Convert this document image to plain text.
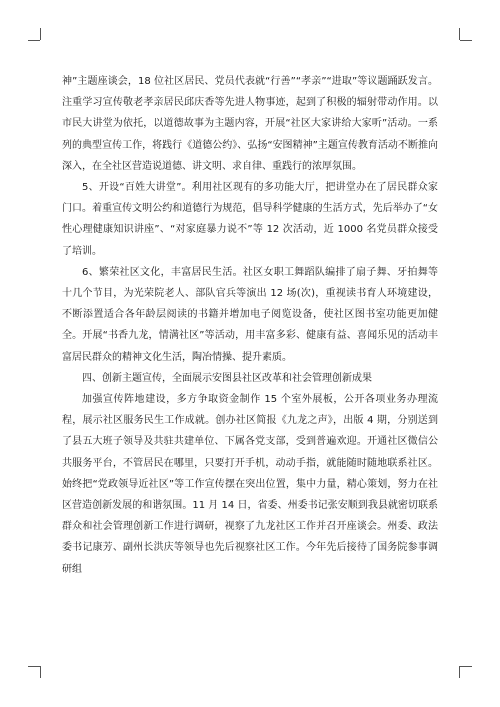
神”主题座谈会，18 位社区居民、党员代表就“行善”“孝亲”“进取”等议题踊跃发言。注重学习宣传敬老孝亲居民邱庆香等先进人物事迹，起到了积极的辐射带动作用。以市民大讲堂为依托，以道德故事为主题内容，开展“社区大家讲给大家听”活动。一系列的典型宣传工作，将践行《道德公约》、弘扬“安图精神”主题宣传教育活动不断推向深入，在全社区营造说道德、讲文明、求自律、重践行的浓厚氛围。

5、开设“百姓大讲堂”。利用社区现有的多功能大厅，把讲堂办在了居民群众家门口。着重宣传文明公约和道德行为规范，倡导科学健康的生活方式，先后举办了“女性心理健康知识讲座”、“对家庭暴力说不”等 12 次活动，近 1000 名党员群众接受了培训。

6、繁荣社区文化，丰富居民生活。社区女职工舞蹈队编排了扇子舞、牙拍舞等十几个节目，为光荣院老人、部队官兵等演出 12 场(次)，重视读书育人环境建设，不断添置适合各年龄层阅读的书籍并增加电子阅览设备，使社区图书室功能更加健全。开展“书香九龙，情满社区”等活动，用丰富多彩、健康有益、喜闻乐见的活动丰富居民群众的精神文化生活，陶冶情操、提升素质。

四、创新主题宣传，全面展示安图县社区改革和社会管理创新成果

加强宣传阵地建设，多方争取资金制作 15 个室外展板，公开各项业务办理流程，展示社区服务民生工作成就。创办社区简报《九龙之声》，出版 4 期，分别送到了县五大班子领导及共驻共建单位、下属各党支部，受到普遍欢迎。开通社区微信公共服务平台，不管居民在哪里，只要打开手机，动动手指，就能随时随地联系社区。始终把“党政领导近社区”等工作宣传摆在突出位置，集中力量，精心策划，努力在社区营造创新发展的和谐氛围。11 月 14 日，省委、州委书记张安顺到我县就密切联系群众和社会管理创新工作进行调研，视察了九龙社区工作并召开座谈会。州委、政法委书记康芳、副州长洪庆等领导也先后视察社区工作。今年先后接待了国务院参事调研组
